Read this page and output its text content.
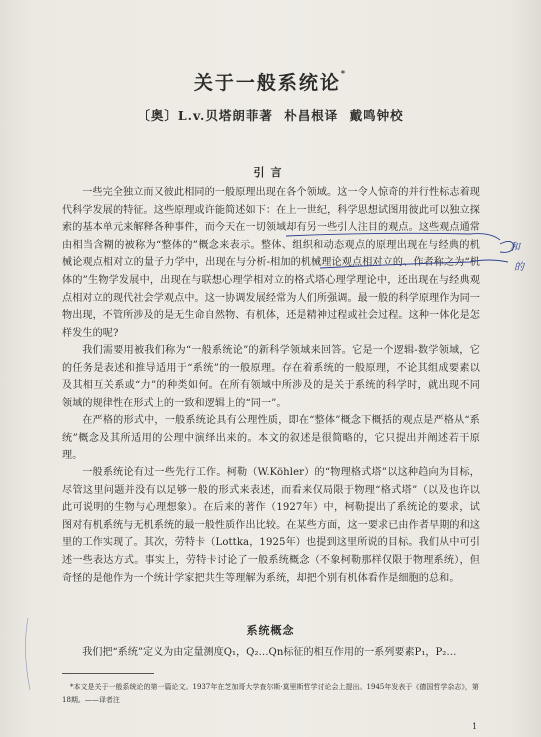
关于一般系统论*
〔奥〕L.v.贝塔朗菲著 朴昌根译 戴鸣钟校
引言
一些完全独立而又彼此相同的一般原理出现在各个领域。这一令人惊奇的并行性标志着现代科学发展的特征。这些原理或许能简述如下：在上一世纪，科学思想试图用彼此可以独立探索的基本单元来解释各种事件，而今天在一切领域却有另一些引人注目的观点。这些观点通常由相当含糊的被称为“整体的”概念来表示。整体、组织和动态观点的原理出现在与经典的机械论观点相对立的量子力学中，出现在与分析-相加的机械理论观点相对立的、作者称之为“机体的”生物学发展中，出现在与联想心理学相对立的格式塔心理学理论中，还出现在与经典观点相对立的现代社会学观点中。这一协调发展经常为人们所强调。最一般的科学原理作为同一物出现，不管所涉及的是无生命自然物、有机体，还是精神过程或社会过程。这种一体化是怎样发生的呢?
我们需要用被我们称为“一般系统论”的新科学领域来回答。它是一个逻辑-数学领域，它的任务是表述和推导适用于“系统”的一般原理。存在着系统的一般原理，不论其组成要素以及其相互关系或“力”的种类如何。在所有领域中所涉及的是关于系统的科学时，就出现不同领域的规律性在形式上的一致和逻辑上的“同一”。
在严格的形式中，一般系统论具有公理性质，即在“整体”概念下概括的观点是严格从“系统”概念及其所适用的公理中演绎出来的。本文的叙述是很简略的，它只提出并阐述若干原理。
一般系统论有过一些先行工作。柯勒（W.Köhler）的“物理格式塔”以这种趋向为目标，尽管这里问题并没有以足够一般的形式来表述，而看来仅局限于物理“格式塔”（以及也许以此可说明的生物与心理想象）。在后来的著作（1927年）中，柯勒提出了系统论的要求，试图对有机系统与无机系统的最一般性质作出比较。在某些方面，这一要求已由作者早期的和这里的工作实现了。其次，劳特卡（Lottka，1925年）也提到这里所说的目标。我们从中可引述一些表达方式。事实上，劳特卡讨论了一般系统概念（不象柯勒那样仅限于物理系统），但奇怪的是他作为一个统计学家把共生等理解为系统，却把个别有机体看作是细胞的总和。
系统概念
我们把“系统”定义为由定量测度Q₁，Q₂…Qn标征的相互作用的一系列要素P₁，P₂…
*本文是关于一般系统论的第一篇论文。1937年在芝加哥大学查尔斯·莫里斯哲学讨论会上提出。1945年发表于《德国哲学杂志》，第18期。——译者注
1
和
的
